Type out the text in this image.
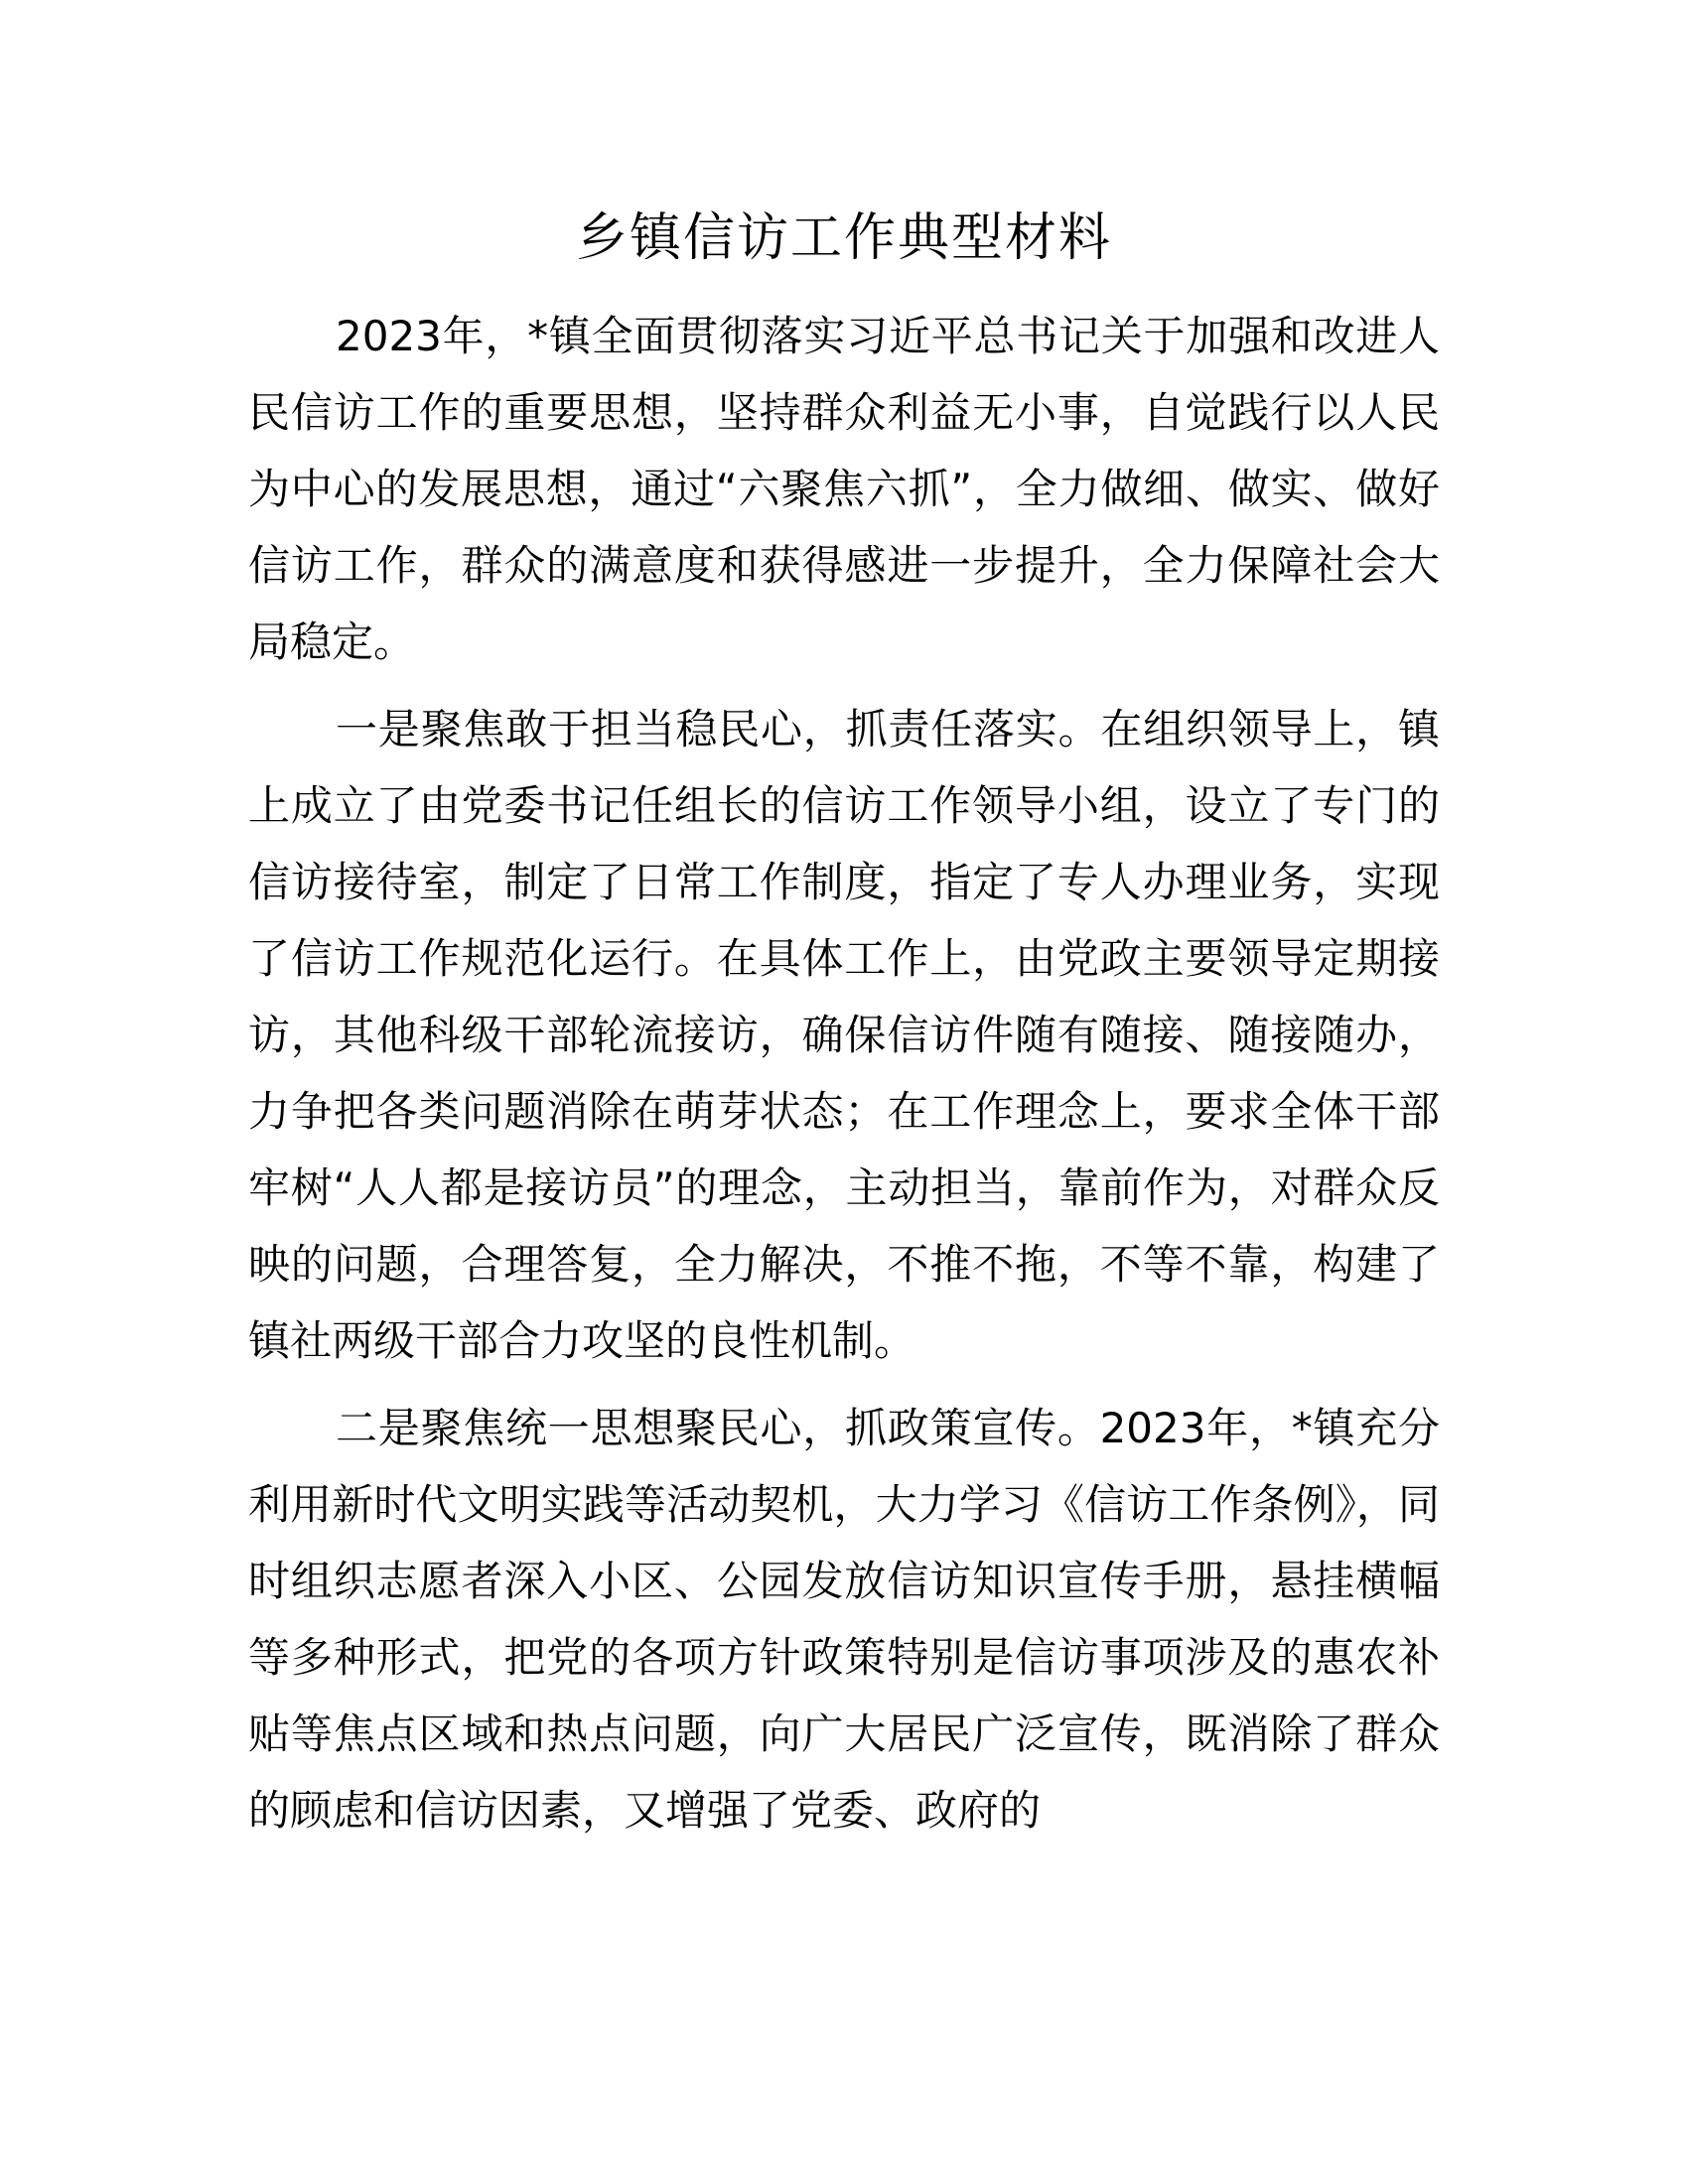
乡镇信访工作典型材料

2023年，*镇全面贯彻落实习近平总书记关于加强和改进人民信访工作的重要思想，坚持群众利益无小事，自觉践行以人民为中心的发展思想，通过“六聚焦六抓”，全力做细、做实、做好信访工作，群众的满意度和获得感进一步提升，全力保障社会大局稳定。

一是聚焦敢于担当稳民心，抓责任落实。在组织领导上，镇上成立了由党委书记任组长的信访工作领导小组，设立了专门的信访接待室，制定了日常工作制度，指定了专人办理业务，实现了信访工作规范化运行。在具体工作上，由党政主要领导定期接访，其他科级干部轮流接访，确保信访件随有随接、随接随办，力争把各类问题消除在萌芽状态；在工作理念上，要求全体干部牢树“人人都是接访员”的理念，主动担当，靠前作为，对群众反映的问题，合理答复，全力解决，不推不拖，不等不靠，构建了镇社两级干部合力攻坚的良性机制。

二是聚焦统一思想聚民心，抓政策宣传。2023年，*镇充分利用新时代文明实践等活动契机，大力学习《信访工作条例》，同时组织志愿者深入小区、公园发放信访知识宣传手册，悬挂横幅等多种形式，把党的各项方针政策特别是信访事项涉及的惠农补贴等焦点区域和热点问题，向广大居民广泛宣传，既消除了群众的顾虑和信访因素，又增强了党委、政府的
